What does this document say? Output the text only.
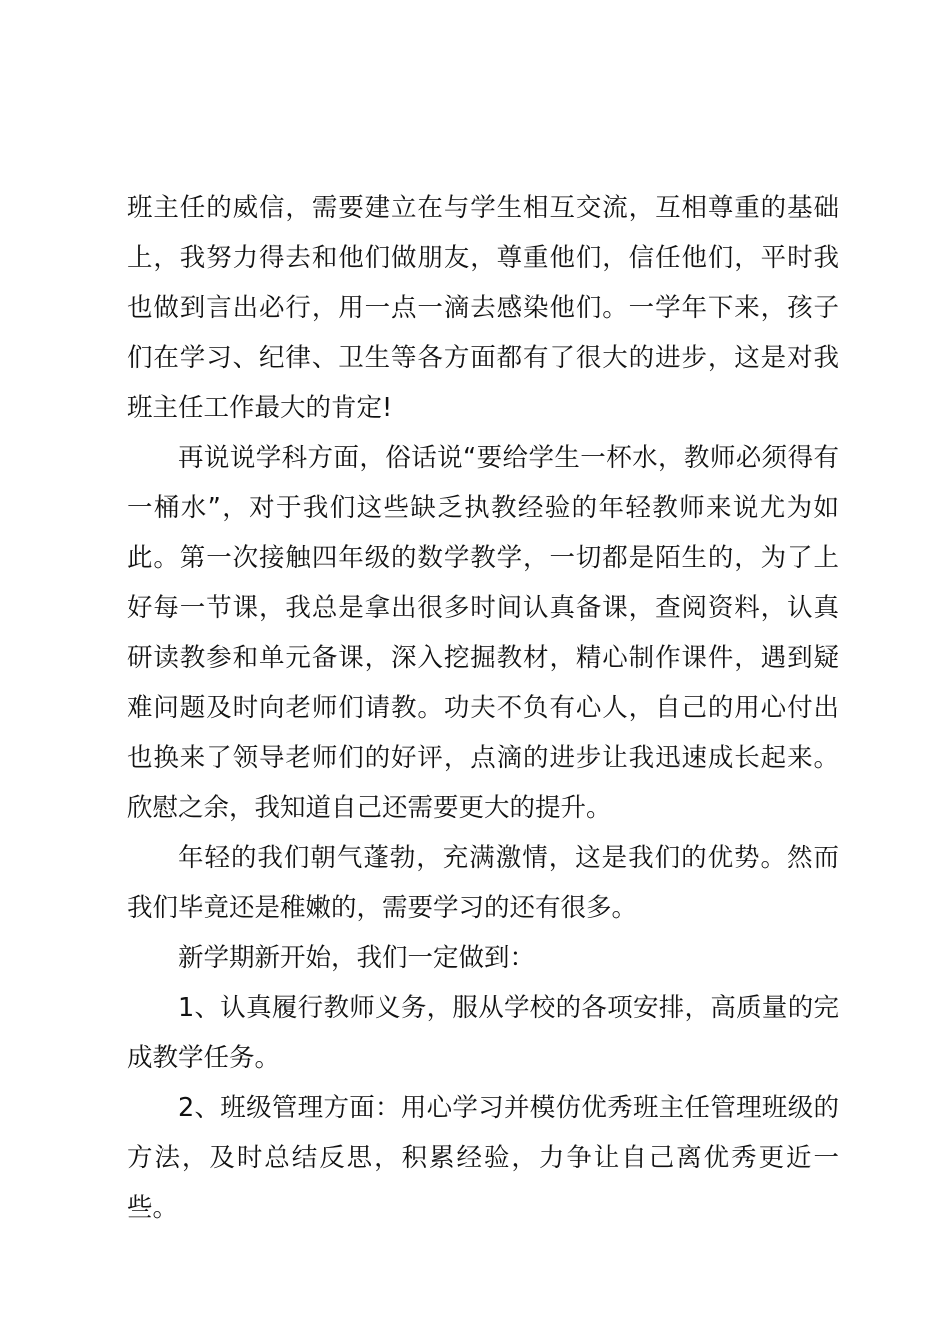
班主任的威信，需要建立在与学生相互交流，互相尊重的基础上，我努力得去和他们做朋友，尊重他们，信任他们，平时我也做到言出必行，用一点一滴去感染他们。一学年下来，孩子们在学习、纪律、卫生等各方面都有了很大的进步，这是对我班主任工作最大的肯定!

再说说学科方面，俗话说“要给学生一杯水，教师必须得有一桶水”，对于我们这些缺乏执教经验的年轻教师来说尤为如此。第一次接触四年级的数学教学，一切都是陌生的，为了上好每一节课，我总是拿出很多时间认真备课，查阅资料，认真研读教参和单元备课，深入挖掘教材，精心制作课件，遇到疑难问题及时向老师们请教。功夫不负有心人，自己的用心付出也换来了领导老师们的好评，点滴的进步让我迅速成长起来。欣慰之余，我知道自己还需要更大的提升。

年轻的我们朝气蓬勃，充满激情，这是我们的优势。然而我们毕竟还是稚嫩的，需要学习的还有很多。

新学期新开始，我们一定做到：

1、认真履行教师义务，服从学校的各项安排，高质量的完成教学任务。

2、班级管理方面：用心学习并模仿优秀班主任管理班级的方法，及时总结反思，积累经验，力争让自己离优秀更近一些。
